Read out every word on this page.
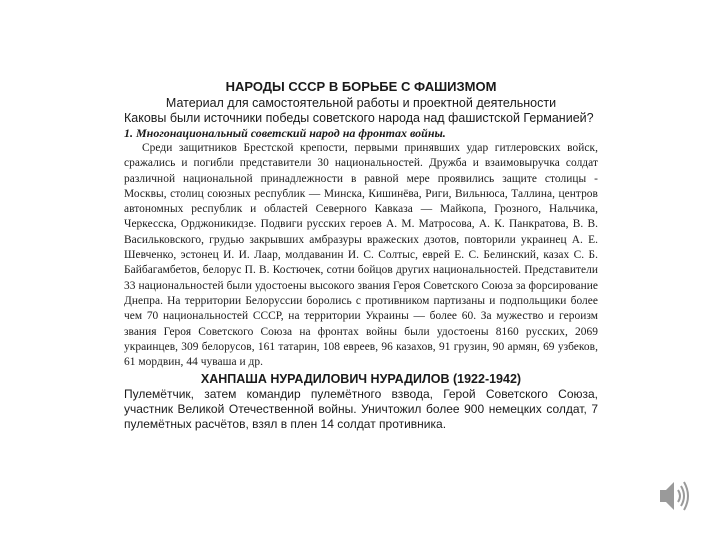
НАРОДЫ СССР В БОРЬБЕ С ФАШИЗМОМ

Материал для самостоятельной работы и проектной деятельности

Каковы были источники победы советского народа над фашистской Германией?

1. Многонациональный советский народ на фронтах войны.

Среди защитников Брестской крепости, первыми принявших удар гитлеровских войск, сражались и погибли представители 30 национальностей. Дружба и взаимовыручка солдат различной национальной принадлежности в равной мере проявились защите столицы - Москвы, столиц союзных республик — Минска, Кишинёва, Риги, Вильнюса, Таллина, центров автономных республик и областей Северного Кавказа — Майкопа, Грозного, Нальчика, Черкесска, Орджоникидзе. Подвиги русских героев А. М. Матросова, А. К. Панкратова, В. В. Васильковского, грудью закрывших амбразуры вражеских дзотов, повторили украинец А. Е. Шевченко, эстонец И. И. Лаар, молдаванин И. С. Солтыс, еврей Е. С. Белинский, казах С. Б. Байбагамбетов, белорус П. В. Костючек, сотни бойцов других национальностей. Представители 33 национальностей были удостоены высокого звания Героя Советского Союза за форсирование Днепра. На территории Белоруссии боролись с противником партизаны и подпольщики более чем 70 национальностей СССР, на территории Украины — более 60. За мужество и героизм звания Героя Советского Союза на фронтах войны были удостоены 8160 русских, 2069 украинцев, 309 белорусов, 161 татарин, 108 евреев, 96 казахов, 91 грузин, 90 армян, 69 узбеков, 61 мордвин, 44 чуваша и др.

ХАНПАША НУРАДИЛОВИЧ НУРАДИЛОВ (1922-1942)

Пулемётчик, затем командир пулемётного взвода, Герой Советского Союза, участник Великой Отечественной войны. Уничтожил более 900 немецких солдат, 7 пулемётных расчётов, взял в плен 14 солдат противника.
